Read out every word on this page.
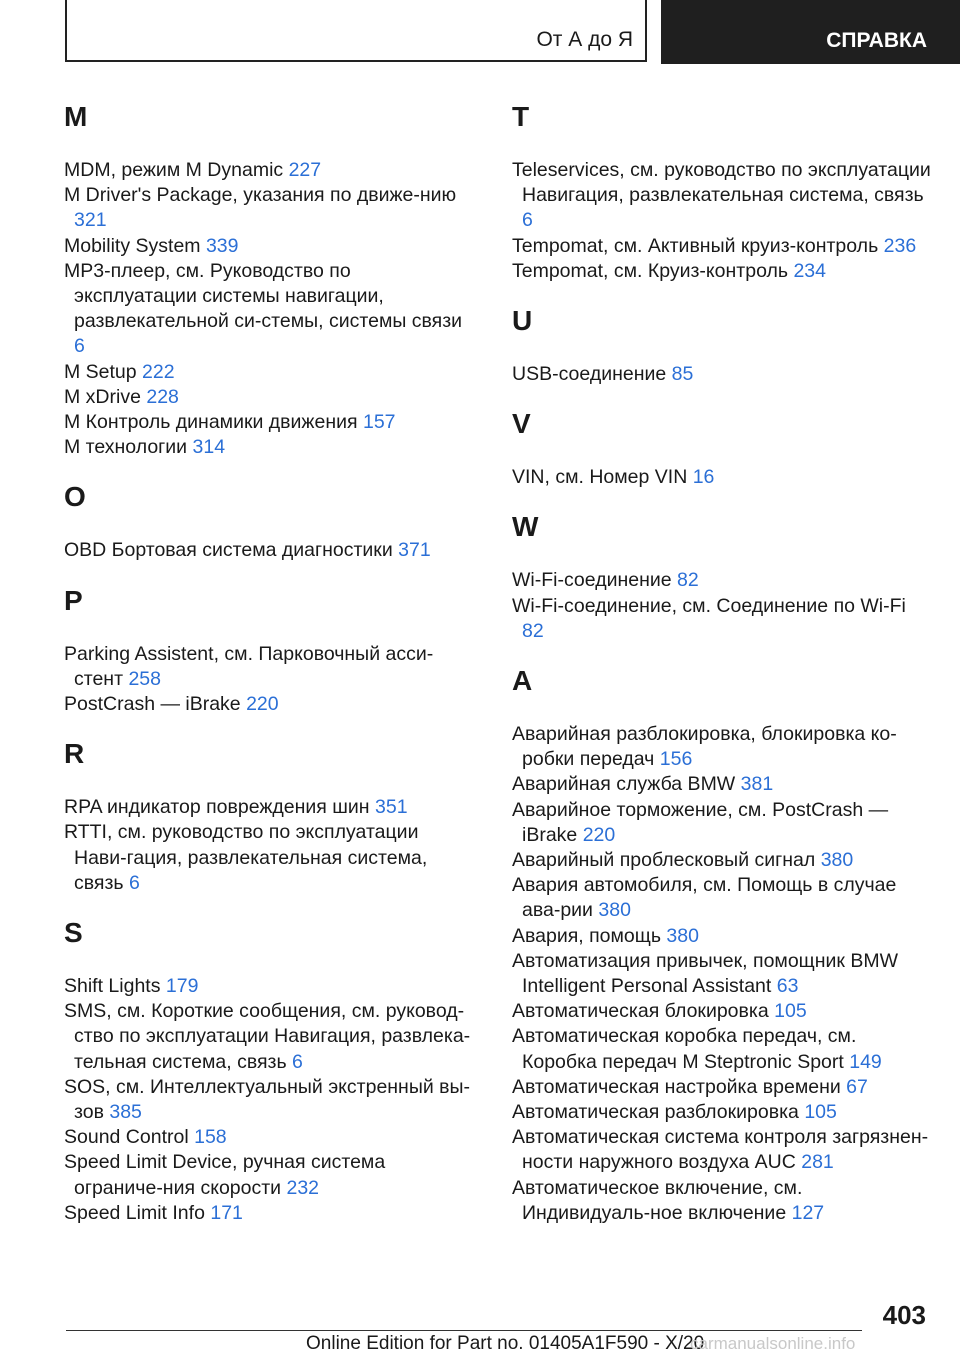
От А до Я	СПРАВКА
M
MDM, режим M Dynamic 227
M Driver's Package, указания по движе-нию 321
Mobility System 339
MP3-плеер, см. Руководство по эксплуатации системы навигации, развлекательной си-стемы, системы связи 6
M Setup 222
M xDrive 228
M Контроль динамики движения 157
M технологии 314
O
OBD Бортовая система диагностики 371
P
Parking Assistent, см. Парковочный асси-стент 258
PostCrash — iBrake 220
R
RPA индикатор повреждения шин 351
RTTI, см. руководство по эксплуатации Нави-гация, развлекательная система, связь 6
S
Shift Lights 179
SMS, см. Короткие сообщения, см. руковод-ство по эксплуатации Навигация, развлека-тельная система, связь 6
SOS, см. Интеллектуальный экстренный вы-зов 385
Sound Control 158
Speed Limit Device, ручная система ограниче-ния скорости 232
Speed Limit Info 171
T
Teleservices, см. руководство по эксплуатации Навигация, развлекательная система, связь 6
Tempomat, см. Активный круиз-контроль 236
Tempomat, см. Круиз-контроль 234
U
USB-соединение 85
V
VIN, см. Номер VIN 16
W
Wi-Fi-соединение 82
Wi-Fi-соединение, см. Соединение по Wi-Fi 82
А
Аварийная разблокировка, блокировка ко-робки передач 156
Аварийная служба BMW 381
Аварийное торможение, см. PostCrash — iBrake 220
Аварийный проблесковый сигнал 380
Авария автомобиля, см. Помощь в случае ава-рии 380
Авария, помощь 380
Автоматизация привычек, помощник BMW Intelligent Personal Assistant 63
Автоматическая блокировка 105
Автоматическая коробка передач, см. Коробка передач M Steptronic Sport 149
Автоматическая настройка времени 67
Автоматическая разблокировка 105
Автоматическая система контроля загрязнен-ности наружного воздуха AUC 281
Автоматическое включение, см. Индивидуаль-ное включение 127
403
Online Edition for Part no. 01405A1F590 - X/20
carmanualsonline.info
